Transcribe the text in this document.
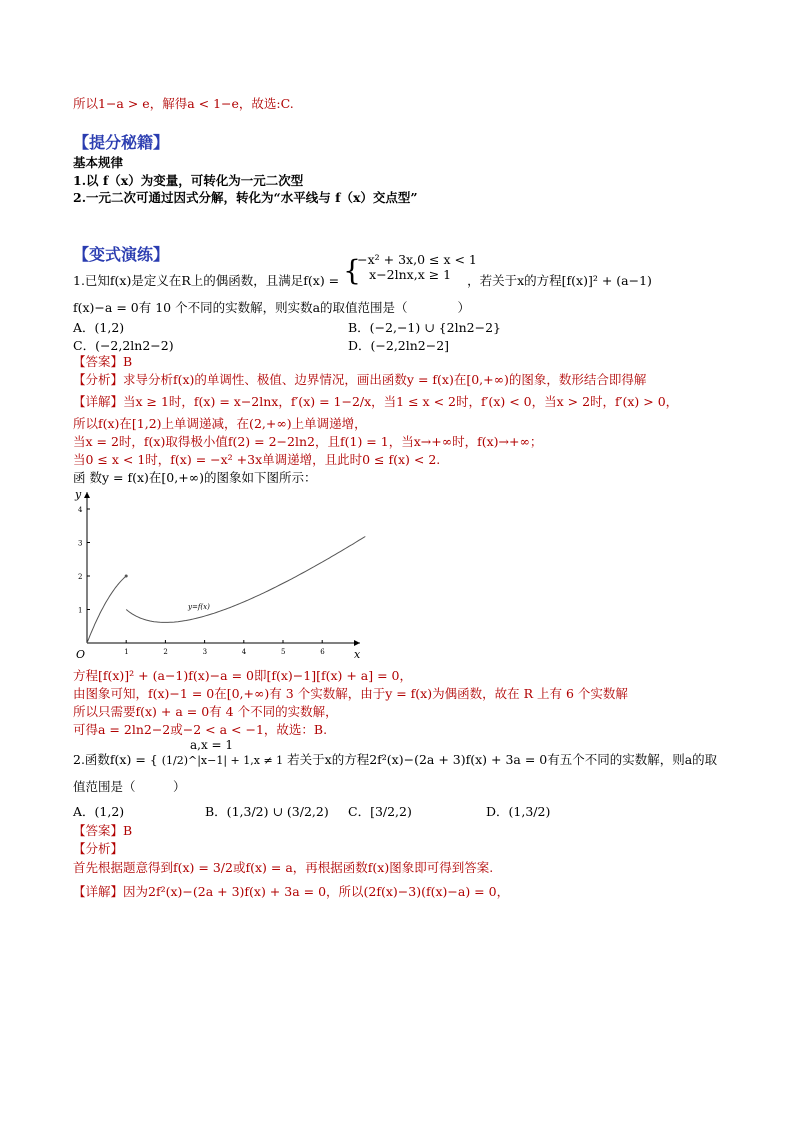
所以1−a > e，解得a < 1−e，故选:C.
【提分秘籍】
基本规律
1.以 f（x）为变量，可转化为一元二次型
2.一元二次可通过因式分解，转化为“水平线与 f（x）交点型”
【变式演练】
1.已知f(x)是定义在R上的偶函数，且满足f(x) = {
−x² + 3x,0 ≤ x < 1
x−2lnx,x ≥ 1 ，若关于x的方程[f(x)]² + (a−1)
f(x)−a = 0有 10 个不同的实数解，则实数a的取值范围是（　　　　）
A．(1,2)	B．(−2,−1) ∪ {2ln2−2}
C．(−2,2ln2−2)	D．(−2,2ln2−2]
【答案】B
【分析】求导分析f(x)的单调性、极值、边界情况，画出函数y = f(x)在[0,+∞)的图象，数形结合即得解
【详解】当x ≥ 1时，f(x) = x−2lnx，f′(x) = 1−2/x，当1 ≤ x < 2时，f′(x) < 0，当x > 2时，f′(x) > 0，
所以f(x)在[1,2)上单调递减，在(2,+∞)上单调递增，
当x = 2时，f(x)取得极小值f(2) = 2−2ln2，且f(1) = 1，当x→+∞时，f(x)→+∞；
当0 ≤ x < 1时，f(x) = −x² +3x单调递增，且此时0 ≤ f(x) < 2.
函 数y = f(x)在[0,+∞)的图象如下图所示：
1	2	3	4	5	6
1
2
3
4
y
x
O
y=f(x)
方程[f(x)]² + (a−1)f(x)−a = 0即[f(x)−1][f(x) + a] = 0，
由图象可知，f(x)−1 = 0在[0,+∞)有 3 个实数解，由于y = f(x)为偶函数，故在 R 上有 6 个实数解
所以只需要f(x) + a = 0有 4 个不同的实数解，
可得a = 2ln2−2或−2 < a < −1，故选：B.
a,x = 1
2.函数f(x) = { (1/2)^|x−1| + 1,x ≠ 1 若关于x的方程2f²(x)−(2a + 3)f(x) + 3a = 0有五个不同的实数解，则a的取
值范围是（　　　）
A．(1,2)	B．(1,3/2) ∪ (3/2,2) C．[3/2,2)	D．(1,3/2)
【答案】B
【分析】
首先根据题意得到f(x) = 3/2或f(x) = a，再根据函数f(x)图象即可得到答案.
【详解】因为2f²(x)−(2a + 3)f(x) + 3a = 0，所以(2f(x)−3)(f(x)−a) = 0，
